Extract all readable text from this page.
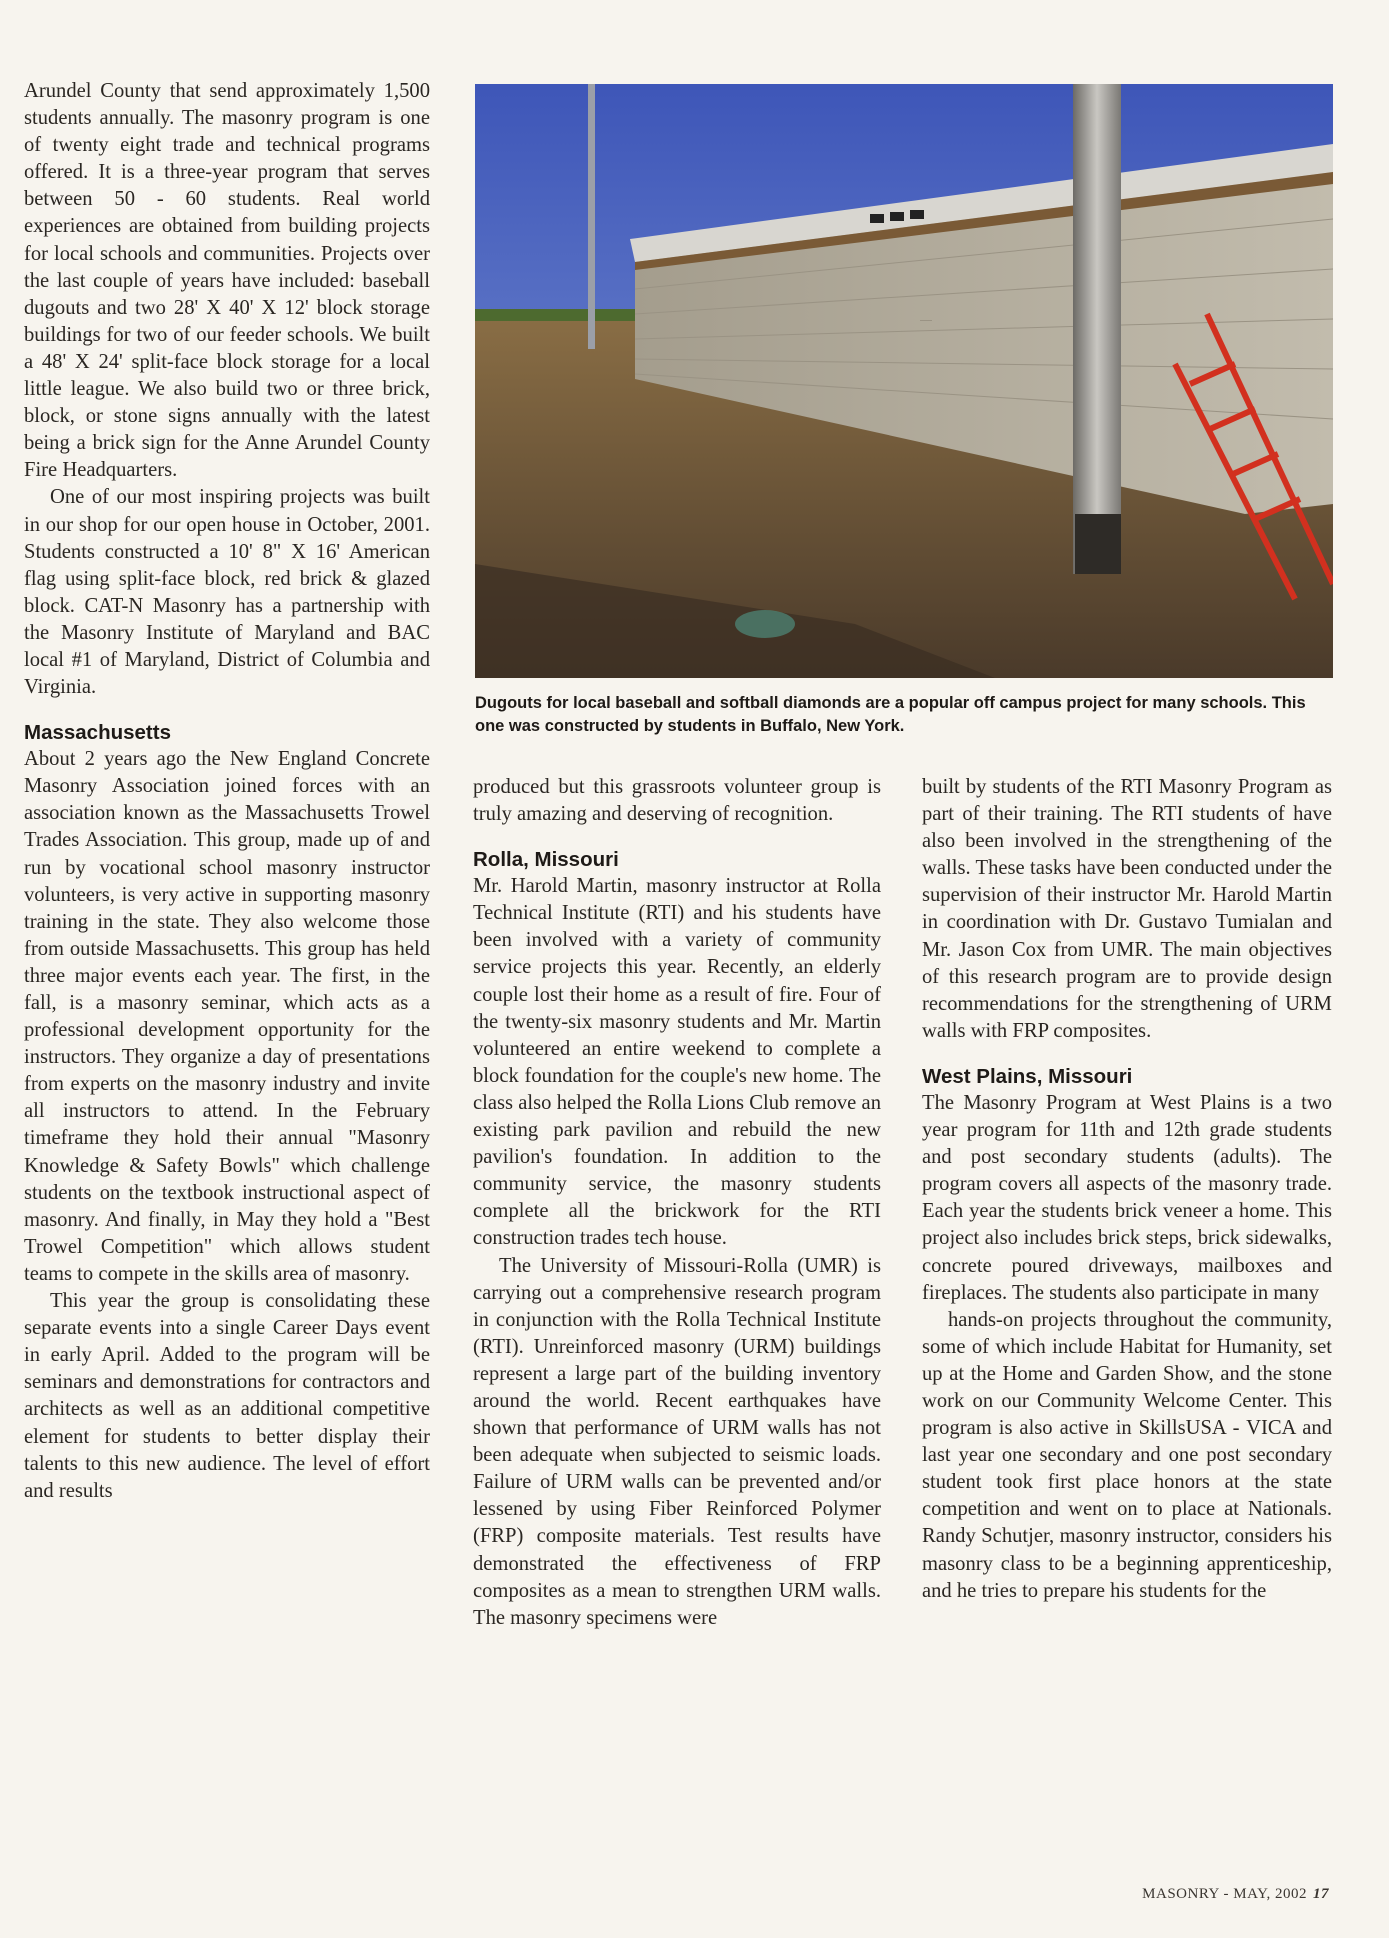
Arundel County that send approximately 1,500 students annually. The masonry program is one of twenty eight trade and technical programs offered. It is a three-year program that serves between 50 - 60 students. Real world experiences are obtained from building projects for local schools and communities. Projects over the last couple of years have included: baseball dugouts and two 28' X 40' X 12' block storage buildings for two of our feeder schools. We built a 48' X 24' split-face block storage for a local little league. We also build two or three brick, block, or stone signs annually with the latest being a brick sign for the Anne Arundel County Fire Headquarters.

One of our most inspiring projects was built in our shop for our open house in October, 2001. Students constructed a 10' 8" X 16' American flag using split-face block, red brick & glazed block. CAT-N Masonry has a partnership with the Masonry Institute of Maryland and BAC local #1 of Maryland, District of Columbia and Virginia.

Massachusetts

About 2 years ago the New England Concrete Masonry Association joined forces with an association known as the Massachusetts Trowel Trades Association. This group, made up of and run by vocational school masonry instructor volunteers, is very active in supporting masonry training in the state. They also welcome those from outside Massachusetts. This group has held three major events each year. The first, in the fall, is a masonry seminar, which acts as a professional development opportunity for the instructors. They organize a day of presentations from experts on the masonry industry and invite all instructors to attend. In the February timeframe they hold their annual "Masonry Knowledge & Safety Bowls" which challenge students on the textbook instructional aspect of masonry. And finally, in May they hold a "Best Trowel Competition" which allows student teams to compete in the skills area of masonry.

This year the group is consolidating these separate events into a single Career Days event in early April. Added to the program will be seminars and demonstrations for contractors and architects as well as an additional competitive element for students to better display their talents to this new audience. The level of effort and results

Dugouts for local baseball and softball diamonds are a popular off campus project for many schools. This one was constructed by students in Buffalo, New York.

produced but this grassroots volunteer group is truly amazing and deserving of recognition.

Rolla, Missouri

Mr. Harold Martin, masonry instructor at Rolla Technical Institute (RTI) and his students have been involved with a variety of community service projects this year. Recently, an elderly couple lost their home as a result of fire. Four of the twenty-six masonry students and Mr. Martin volunteered an entire weekend to complete a block foundation for the couple's new home. The class also helped the Rolla Lions Club remove an existing park pavilion and rebuild the new pavilion's foundation. In addition to the community service, the masonry students complete all the brickwork for the RTI construction trades tech house.

The University of Missouri-Rolla (UMR) is carrying out a comprehensive research program in conjunction with the Rolla Technical Institute (RTI). Unreinforced masonry (URM) buildings represent a large part of the building inventory around the world. Recent earthquakes have shown that performance of URM walls has not been adequate when subjected to seismic loads. Failure of URM walls can be prevented and/or lessened by using Fiber Reinforced Polymer (FRP) composite materials. Test results have demonstrated the effectiveness of FRP composites as a mean to strengthen URM walls. The masonry specimens were

built by students of the RTI Masonry Program as part of their training. The RTI students of have also been involved in the strengthening of the walls. These tasks have been conducted under the supervision of their instructor Mr. Harold Martin in coordination with Dr. Gustavo Tumialan and Mr. Jason Cox from UMR. The main objectives of this research program are to provide design recommendations for the strengthening of URM walls with FRP composites.

West Plains, Missouri

The Masonry Program at West Plains is a two year program for 11th and 12th grade students and post secondary students (adults). The program covers all aspects of the masonry trade. Each year the students brick veneer a home. This project also includes brick steps, brick sidewalks, concrete poured driveways, mailboxes and fireplaces. The students also participate in many

hands-on projects throughout the community, some of which include Habitat for Humanity, set up at the Home and Garden Show, and the stone work on our Community Welcome Center. This program is also active in SkillsUSA - VICA and last year one secondary and one post secondary student took first place honors at the state competition and went on to place at Nationals. Randy Schutjer, masonry instructor, considers his masonry class to be a beginning apprenticeship, and he tries to prepare his students for the

MASONRY - MAY, 2002 17
